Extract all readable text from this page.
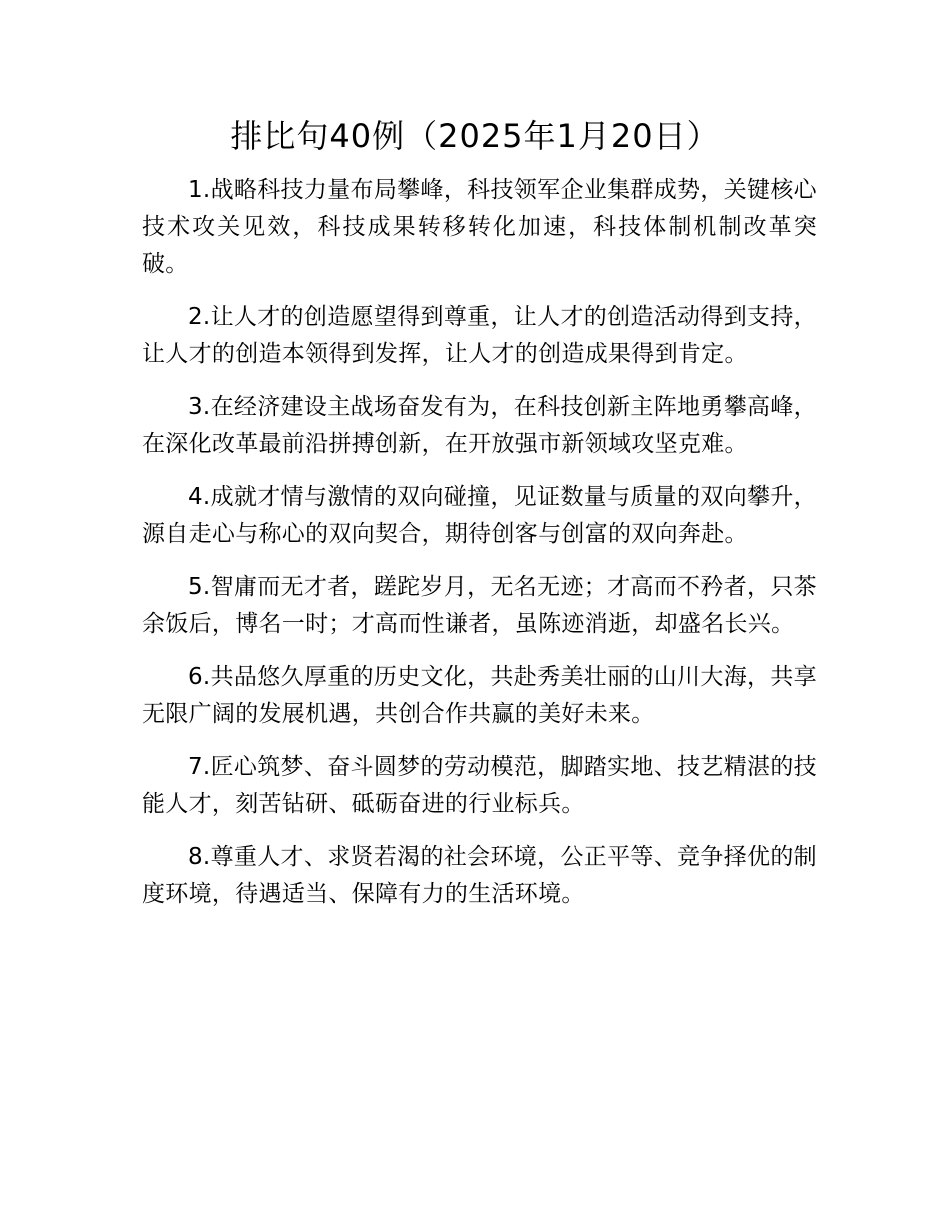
排比句40例（2025年1月20日）

1.战略科技力量布局攀峰，科技领军企业集群成势，关键核心技术攻关见效，科技成果转移转化加速，科技体制机制改革突破。

2.让人才的创造愿望得到尊重，让人才的创造活动得到支持，让人才的创造本领得到发挥，让人才的创造成果得到肯定。

3.在经济建设主战场奋发有为，在科技创新主阵地勇攀高峰，在深化改革最前沿拼搏创新，在开放强市新领域攻坚克难。

4.成就才情与激情的双向碰撞，见证数量与质量的双向攀升，源自走心与称心的双向契合，期待创客与创富的双向奔赴。

5.智庸而无才者，蹉跎岁月，无名无迹；才高而不矜者，只茶余饭后，博名一时；才高而性谦者，虽陈迹消逝，却盛名长兴。

6.共品悠久厚重的历史文化，共赴秀美壮丽的山川大海，共享无限广阔的发展机遇，共创合作共赢的美好未来。

7.匠心筑梦、奋斗圆梦的劳动模范，脚踏实地、技艺精湛的技能人才，刻苦钻研、砥砺奋进的行业标兵。

8.尊重人才、求贤若渴的社会环境，公正平等、竞争择优的制度环境，待遇适当、保障有力的生活环境。
